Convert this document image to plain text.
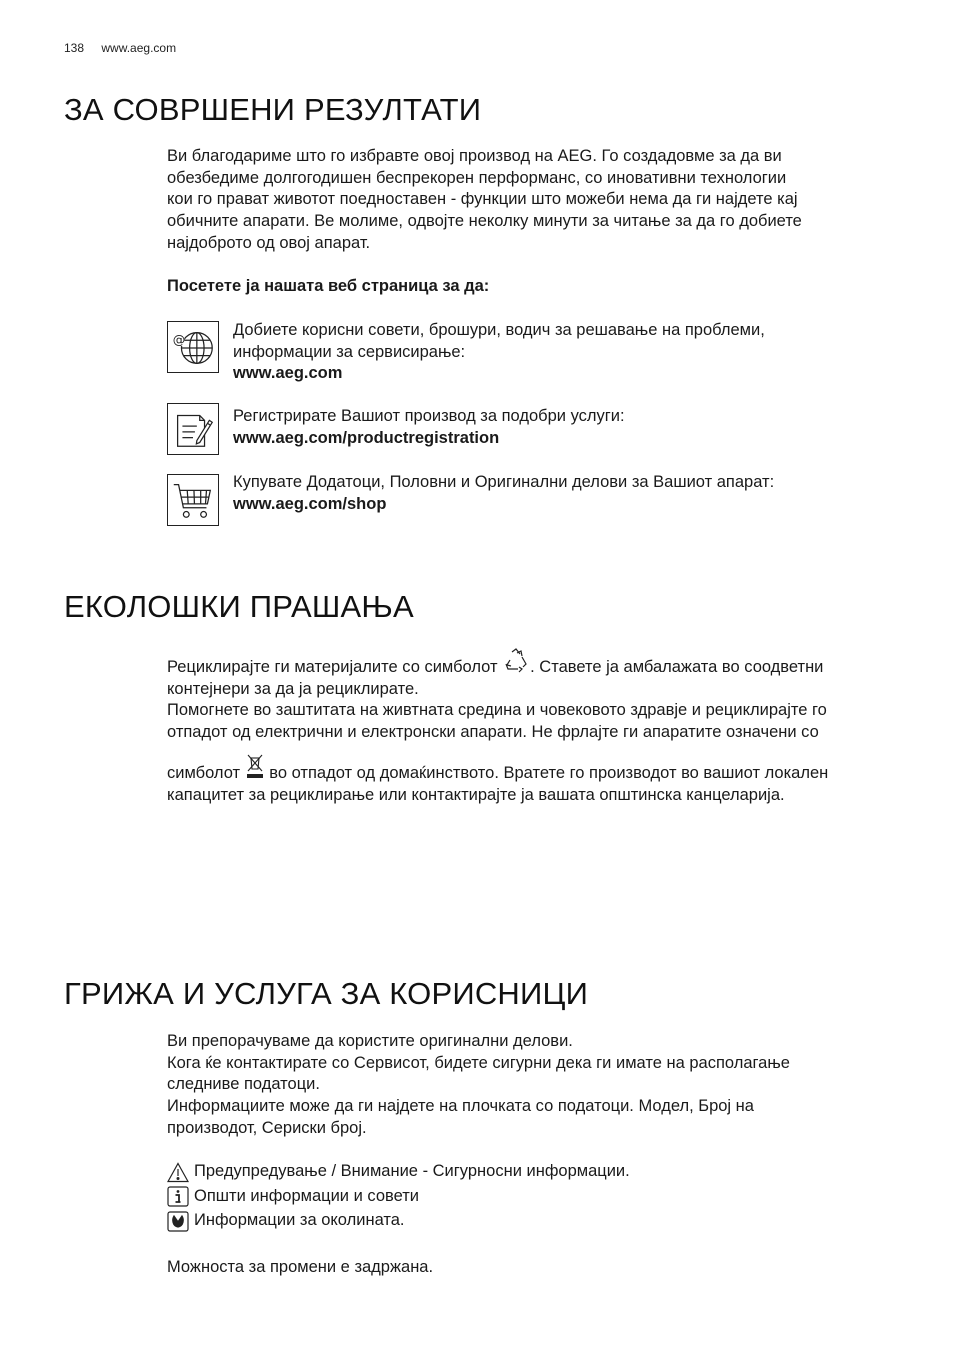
138 www.aeg.com
ЗА СОВРШЕНИ РЕЗУЛТАТИ

Ви благодариме што го избравте овој производ на AEG. Го создадовме за да ви

обезбедиме долгогодишен беспрекорен перформанс, со иновативни технологии

кои го прават животот поедноставен - функции што можеби нема да ги најдете кај

обичните апарати. Ве молиме, одвојте неколку минути за читање за да го добиете

најдоброто од овој апарат.

Посетете ја нашата веб страница за да:
@

Добиете корисни совети, брошури, водич за решавање на проблеми,

информации за сервисирање:

www.aeg.com

Регистрирате Вашиот производ за подобри услуги:

www.aeg.com/productregistration

Купувате Додатоци, Половни и Оригинални делови за Вашиот апарат:

www.aeg.com/shop

ЕКОЛОШКИ ПРАШАЊА

Рециклирајте ги материјалите со симболот . Ставете ја амбалажата во соодветни

контејнери за да ја рециклирате.

Помогнете во заштитата на живтната средина и човековото здравје и рециклирајте го

отпадот од електрични и електронски апарати. Не фрлајте ги апаратите означени со

симболот во отпадот од домаќинството. Вратете го производот во вашиот локален

капацитет за рециклирање или контактирајте ја вашата општинска канцеларија.

ГРИЖА И УСЛУГА ЗА КОРИСНИЦИ

Ви препорачуваме да користите оригинални делови.

Кога ќе контактирате со Сервисот, бидете сигурни дека ги имате на располагање

следниве податоци.

Информациите може да ги најдете на плочката со податоци. Модел, Број на

производот, Сериски број.

Предупредување / Внимание - Сигурносни информации.
Општи информации и совети
Информации за околината.
Можноста за промени е задржана.
